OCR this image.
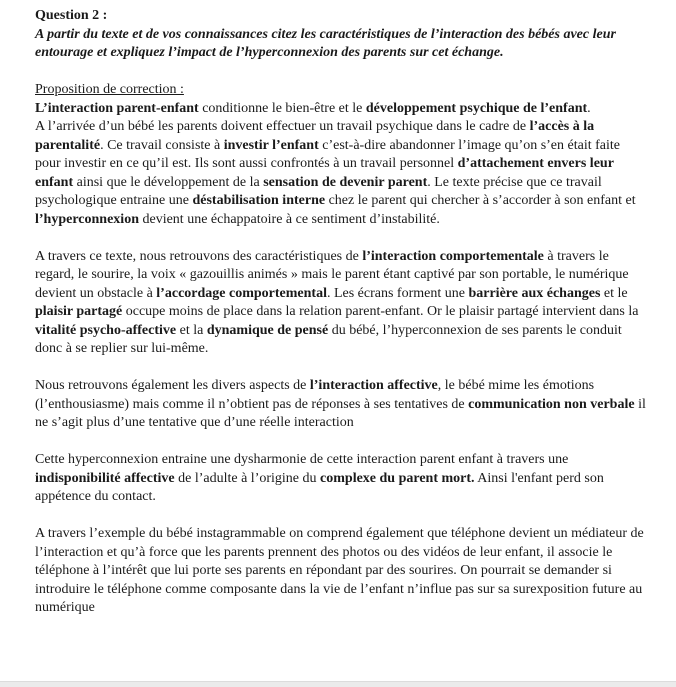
Question 2 :
A partir du texte et de vos connaissances citez les caractéristiques de l’interaction des bébés avec leur entourage et expliquez l’impact de l’hyperconnexion des parents sur cet échange.
Proposition de correction :
L’interaction parent-enfant conditionne le bien-être et le développement psychique de l’enfant.
A l’arrivée d’un bébé les parents doivent effectuer un travail psychique dans le cadre de l’accès à la parentalité. Ce travail consiste à investir l’enfant c’est-à-dire abandonner l’image qu’on s’en était faite pour investir en ce qu’il est. Ils sont aussi confrontés à un travail personnel d’attachement envers leur enfant ainsi que le développement de la sensation de devenir parent. Le texte précise que ce travail psychologique entraine une déstabilisation interne chez le parent qui chercher à s’accorder à son enfant et l’hyperconnexion devient une échappatoire à ce sentiment d’instabilité.
A travers ce texte, nous retrouvons des caractéristiques de l’interaction comportementale à travers le regard, le sourire, la voix « gazouillis animés » mais le parent étant captivé par son portable, le numérique devient un obstacle à l’accordage comportemental. Les écrans forment une barrière aux échanges et le plaisir partagé occupe moins de place dans la relation parent-enfant. Or le plaisir partagé intervient dans la vitalité psycho-affective et la dynamique de pensé du bébé, l’hyperconnexion de ses parents le conduit donc à se replier sur lui-même.
Nous retrouvons également les divers aspects de l’interaction affective, le bébé mime les émotions (l’enthousiasme) mais comme il n’obtient pas de réponses à ses tentatives de communication non verbale il ne s’agit plus d’une tentative que d’une réelle interaction
Cette hyperconnexion entraine une dysharmonie de cette interaction parent enfant à travers une indisponibilité affective de l’adulte à l’origine du complexe du parent mort. Ainsi l'enfant perd son appétence du contact.
A travers l’exemple du bébé instagrammable on comprend également que téléphone devient un médiateur de l’interaction et qu’à force que les parents prennent des photos ou des vidéos de leur enfant, il associe le téléphone à l’intérêt que lui porte ses parents en répondant par des sourires. On pourrait se demander si introduire le téléphone comme composante dans la vie de l’enfant n’influe pas sur sa surexposition future au numérique
